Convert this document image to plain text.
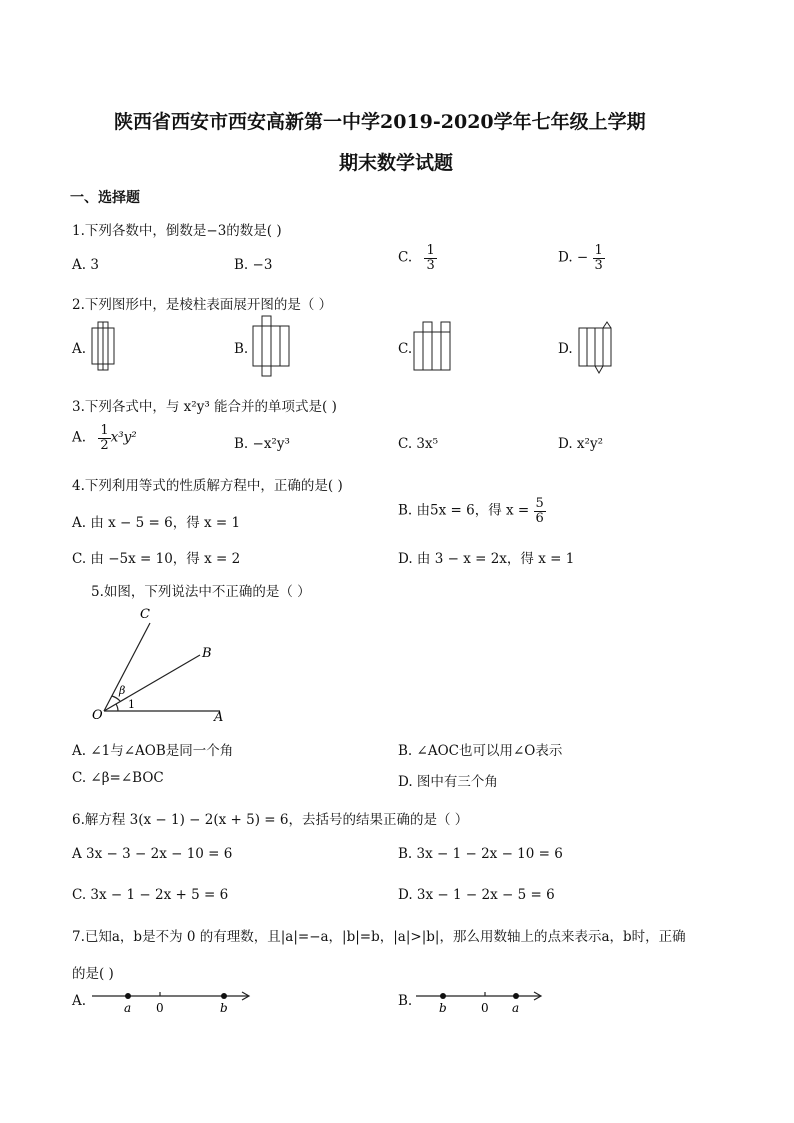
陕西省西安市西安高新第一中学2019-2020学年七年级上学期
期末数学试题
一、选择题
1.下列各数中，倒数是−3的数是( )
A. 3	B. −3	C. $\frac{1}{3}$	D. − $\frac{1}{3}$
2.下列图形中，是棱柱表面展开图的是（ ）
A.	B.	C.	D.
3.下列各式中，与 x²y³ 能合并的单项式是( )
A. $\frac{1}{2} x^3y^2$	B. −x²y³	C. 3x⁵	D. x²y²
4.下列利用等式的性质解方程中，正确的是( )
A. 由 x − 5 = 6，得 x = 1
B. 由5x = 6，得 $x = \frac{5}{6}$
C. 由 −5x = 10，得 x = 2	D. 由 3 − x = 2x，得 x = 1
5.如图，下列说法中不正确的是（ ）
C
B
O	A
β
1
A. ∠1与∠AOB是同一个角	B. ∠AOC也可以用∠O表示
C. ∠β=∠BOC	D. 图中有三个角
6.解方程 3(x − 1) − 2(x + 5) = 6，去括号的结果正确的是（ ）
A 3x − 3 − 2x − 10 = 6	B. 3x − 1 − 2x − 10 = 6
C. 3x − 1 − 2x + 5 = 6	D. 3x − 1 − 2x − 5 = 6
7.已知a，b是不为 0 的有理数，且|a|=−a，|b|=b，|a|>|b|，那么用数轴上的点来表示a，b时，正确
的是( )
A.	a 0	b	B. b	0 a
